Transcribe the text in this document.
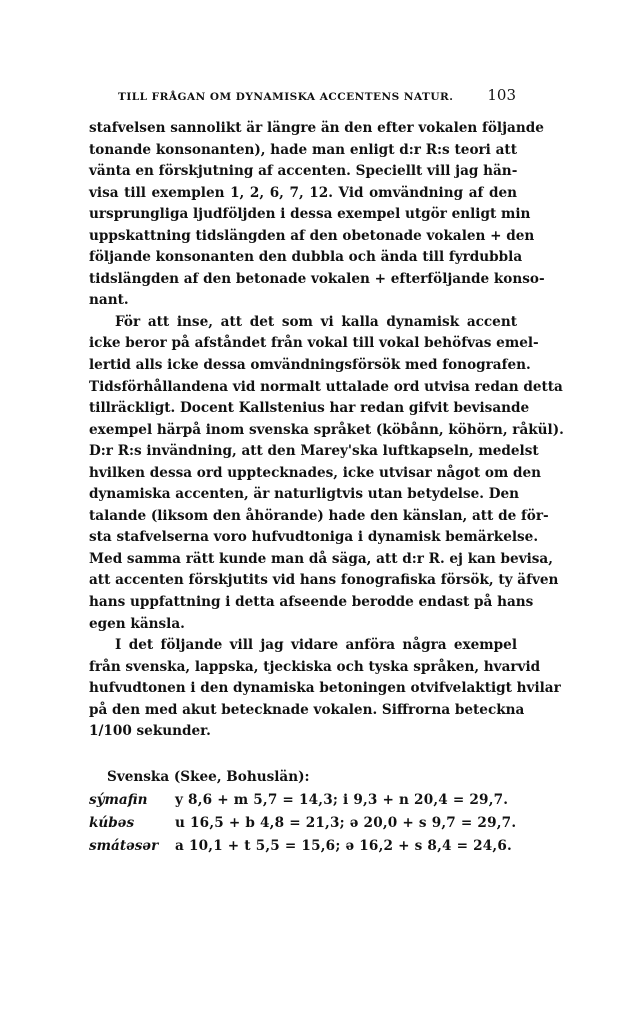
TILL FRÅGAN OM DYNAMISKA ACCENTENS NATUR. 103
stafvelsen sannolikt är längre än den efter vokalen följande
tonande konsonanten), hade man enligt d:r R:s teori att
vänta en förskjutning af accenten. Speciellt vill jag hän-
visa till exemplen 1, 2, 6, 7, 12. Vid omvändning af den
ursprungliga ljudföljden i dessa exempel utgör enligt min
uppskattning tidslängden af den obetonade vokalen + den
följande konsonanten den dubbla och ända till fyrdubbla
tidslängden af den betonade vokalen + efterföljande konso-
nant.
För att inse, att det som vi kalla dynamisk accent
icke beror på afståndet från vokal till vokal behöfvas emel-
lertid alls icke dessa omvändningsförsök med fonografen.
Tidsförhållandena vid normalt uttalade ord utvisa redan detta
tillräckligt. Docent Kallstenius har redan gifvit bevisande
exempel härpå inom svenska språket (köbånn, köhörn, råkül).
D:r R:s invändning, att den Marey'ska luftkapseln, medelst
hvilken dessa ord upptecknades, icke utvisar något om den
dynamiska accenten, är naturligtvis utan betydelse. Den
talande (liksom den åhörande) hade den känslan, att de för-
sta stafvelserna voro hufvudtoniga i dynamisk bemärkelse.
Med samma rätt kunde man då säga, att d:r R. ej kan bevisa,
att accenten förskjutits vid hans fonografiska försök, ty äfven
hans uppfattning i detta afseende berodde endast på hans
egen känsla.
I det följande vill jag vidare anföra några exempel
från svenska, lappska, tjeckiska och tyska språken, hvarvid
hufvudtonen i den dynamiska betoningen otvifvelaktigt hvilar
på den med akut betecknade vokalen. Siffrorna beteckna
1/100 sekunder.
Svenska (Skee, Bohuslän):
sýmafin y 8,6 + m 5,7 = 14,3; i 9,3 + n 20,4 = 29,7.
kúbəs	u 16,5 + b 4,8 = 21,3; ə 20,0 + s 9,7 = 29,7.
smátəsər a 10,1 + t 5,5 = 15,6; ə 16,2 + s 8,4 = 24,6.
